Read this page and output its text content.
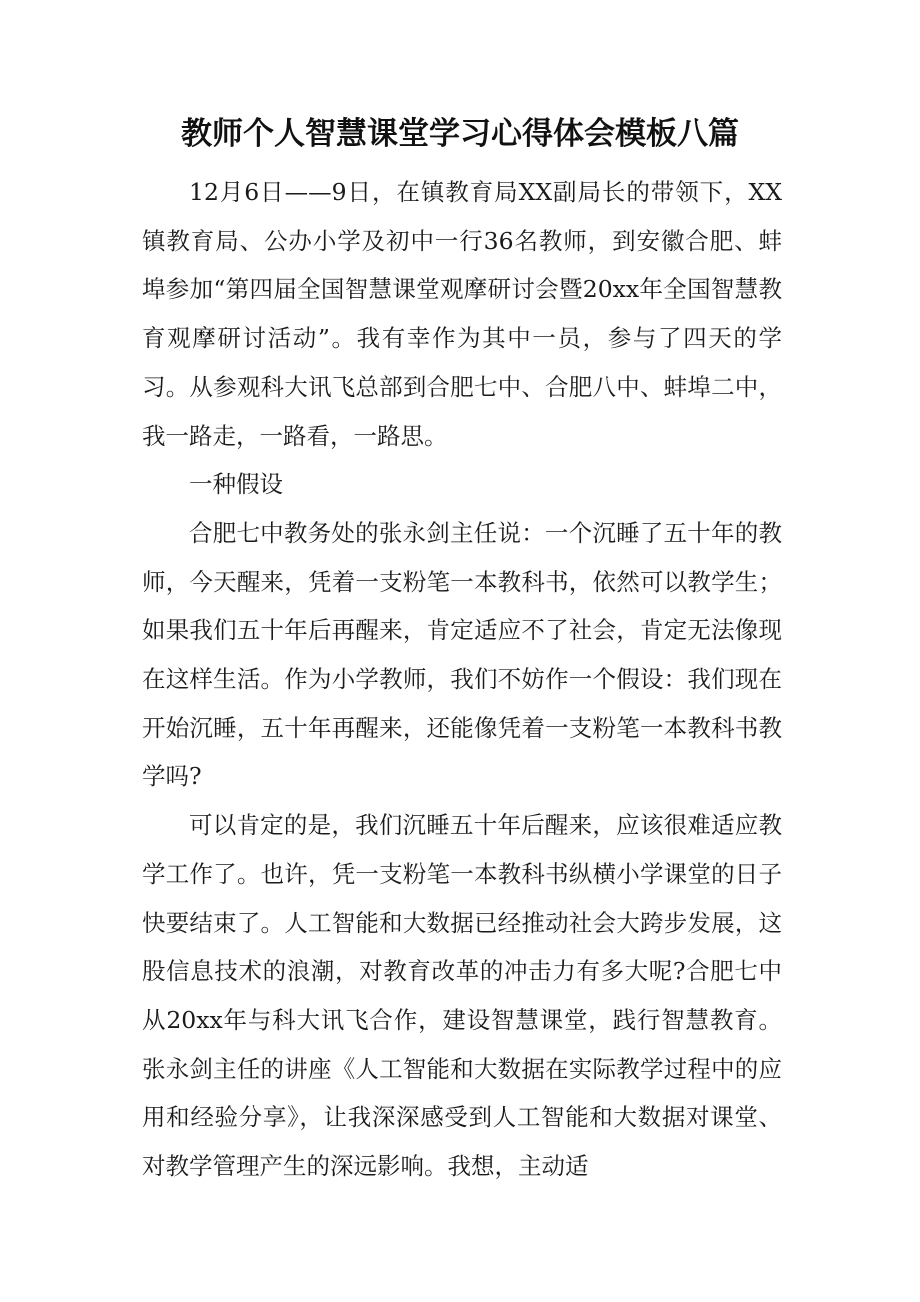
教师个人智慧课堂学习心得体会模板八篇

12月6日——9日，在镇教育局XX副局长的带领下，XX镇教育局、公办小学及初中一行36名教师，到安徽合肥、蚌埠参加“第四届全国智慧课堂观摩研讨会暨20xx年全国智慧教育观摩研讨活动”。我有幸作为其中一员，参与了四天的学习。从参观科大讯飞总部到合肥七中、合肥八中、蚌埠二中，我一路走，一路看，一路思。

一种假设

合肥七中教务处的张永剑主任说：一个沉睡了五十年的教师，今天醒来，凭着一支粉笔一本教科书，依然可以教学生；如果我们五十年后再醒来，肯定适应不了社会，肯定无法像现在这样生活。作为小学教师，我们不妨作一个假设：我们现在开始沉睡，五十年再醒来，还能像凭着一支粉笔一本教科书教学吗?

可以肯定的是，我们沉睡五十年后醒来，应该很难适应教学工作了。也许，凭一支粉笔一本教科书纵横小学课堂的日子快要结束了。人工智能和大数据已经推动社会大跨步发展，这股信息技术的浪潮，对教育改革的冲击力有多大呢?合肥七中从20xx年与科大讯飞合作，建设智慧课堂，践行智慧教育。张永剑主任的讲座《人工智能和大数据在实际教学过程中的应用和经验分享》，让我深深感受到人工智能和大数据对课堂、对教学管理产生的深远影响。我想，主动适
